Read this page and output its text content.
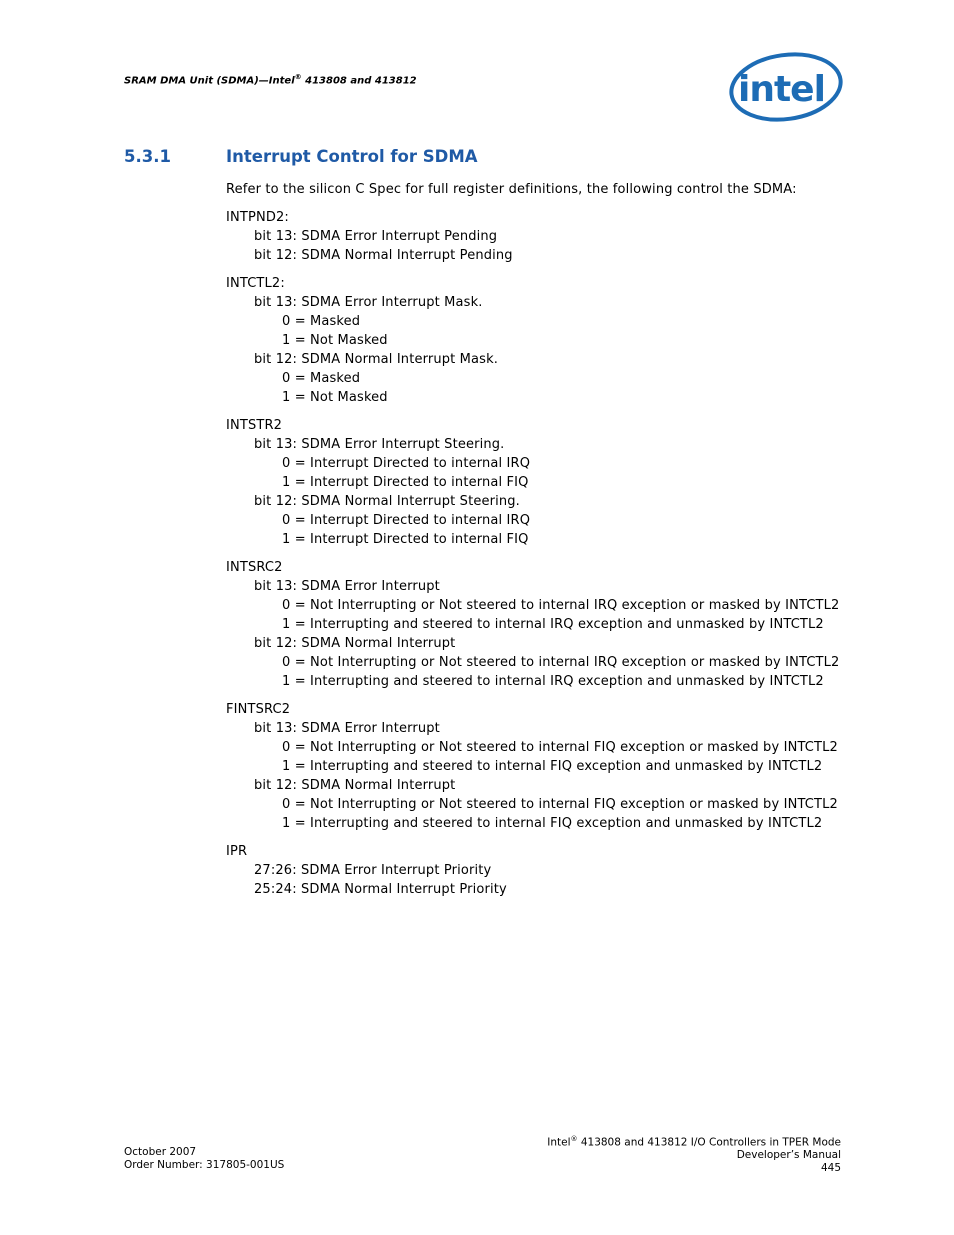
SRAM DMA Unit (SDMA)—Intel® 413808 and 413812	intel
5.3.1	Interrupt Control for SDMA

Refer to the silicon C Spec for full register definitions, the following control the SDMA:

INTPND2:

bit 13: SDMA Error Interrupt Pending

bit 12: SDMA Normal Interrupt Pending

INTCTL2:

bit 13: SDMA Error Interrupt Mask.

0 = Masked

1 = Not Masked

bit 12: SDMA Normal Interrupt Mask.

0 = Masked

1 = Not Masked

INTSTR2

bit 13: SDMA Error Interrupt Steering.

0 = Interrupt Directed to internal IRQ

1 = Interrupt Directed to internal FIQ

bit 12: SDMA Normal Interrupt Steering.

0 = Interrupt Directed to internal IRQ

1 = Interrupt Directed to internal FIQ

INTSRC2

bit 13: SDMA Error Interrupt

0 = Not Interrupting or Not steered to internal IRQ exception or masked by INTCTL2

1 = Interrupting and steered to internal IRQ exception and unmasked by INTCTL2

bit 12: SDMA Normal Interrupt

0 = Not Interrupting or Not steered to internal IRQ exception or masked by INTCTL2

1 = Interrupting and steered to internal IRQ exception and unmasked by INTCTL2

FINTSRC2

bit 13: SDMA Error Interrupt

0 = Not Interrupting or Not steered to internal FIQ exception or masked by INTCTL2

1 = Interrupting and steered to internal FIQ exception and unmasked by INTCTL2

bit 12: SDMA Normal Interrupt

0 = Not Interrupting or Not steered to internal FIQ exception or masked by INTCTL2

1 = Interrupting and steered to internal FIQ exception and unmasked by INTCTL2

IPR

27:26: SDMA Error Interrupt Priority

25:24: SDMA Normal Interrupt Priority

October 2007
Order Number: 317805-001US
Intel® 413808 and 413812 I/O Controllers in TPER Mode
Developer’s Manual
445
